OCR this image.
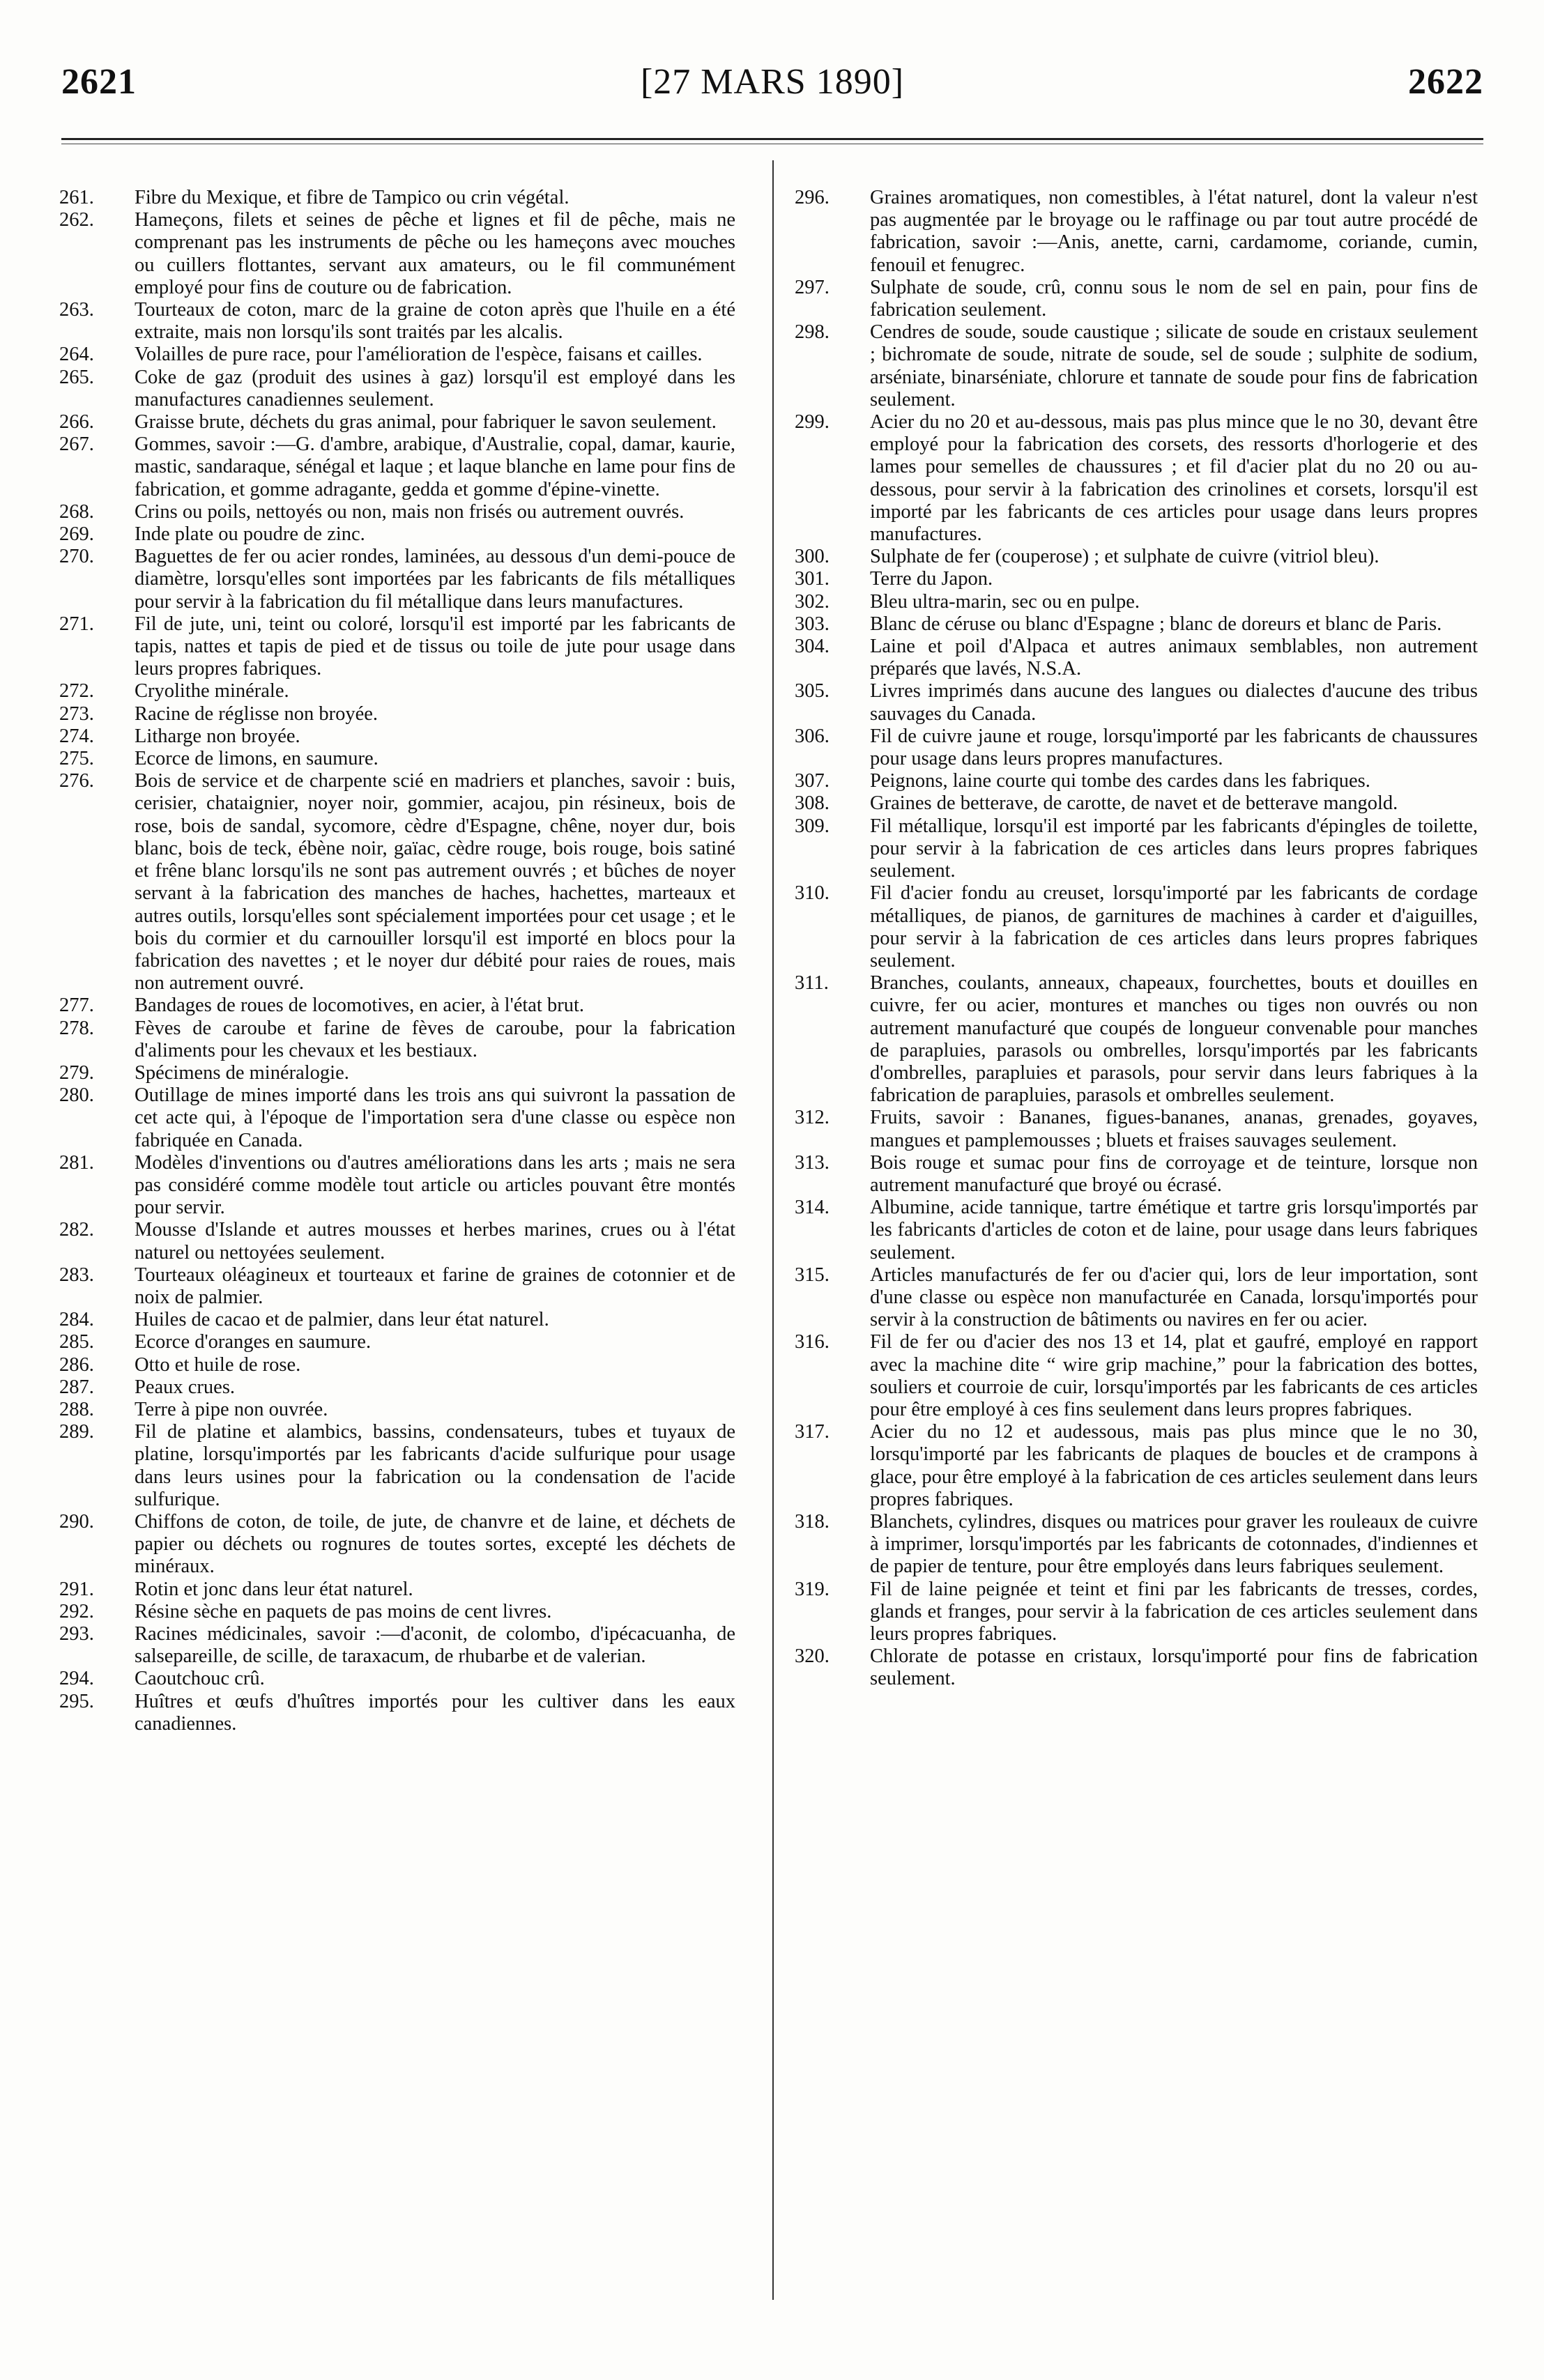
[27 MARS 1890]
2621	2622
261. Fibre du Mexique, et fibre de Tampico ou crin végétal.
262. Hameçons, filets et seines de pêche et lignes et fil de pêche, mais ne comprenant pas les instruments de pêche ou les hameçons avec mouches ou cuillers flottantes, servant aux amateurs, ou le fil communément employé pour fins de couture ou de fabrication.
263. Tourteaux de coton, marc de la graine de coton après que l'huile en a été extraite, mais non lorsqu'ils sont traités par les alcalis.
264. Volailles de pure race, pour l'amélioration de l'espèce, faisans et cailles.
265. Coke de gaz (produit des usines à gaz) lorsqu'il est employé dans les manufactures canadiennes seulement.
266. Graisse brute, déchets du gras animal, pour fabriquer le savon seulement.
267. Gommes, savoir :—G. d'ambre, arabique, d'Australie, copal, damar, kaurie, mastic, sandaraque, sénégal et laque ; et laque blanche en lame pour fins de fabrication, et gomme adragante, gedda et gomme d'épine-vinette.
268. Crins ou poils, nettoyés ou non, mais non frisés ou autrement ouvrés.
269. Inde plate ou poudre de zinc.
270. Baguettes de fer ou acier rondes, laminées, au dessous d'un demi-pouce de diamètre, lorsqu'elles sont importées par les fabricants de fils métalliques pour servir à la fabrication du fil métallique dans leurs manufactures.
271. Fil de jute, uni, teint ou coloré, lorsqu'il est importé par les fabricants de tapis, nattes et tapis de pied et de tissus ou toile de jute pour usage dans leurs propres fabriques.
272. Cryolithe minérale.
273. Racine de réglisse non broyée.
274. Litharge non broyée.
275. Ecorce de limons, en saumure.
276. Bois de service et de charpente scié en madriers et planches, savoir : buis, cerisier, chataignier, noyer noir, gommier, acajou, pin résineux, bois de rose, bois de sandal, sycomore, cèdre d'Espagne, chêne, noyer dur, bois blanc, bois de teck, ébène noir, gaïac, cèdre rouge, bois rouge, bois satiné et frêne blanc lorsqu'ils ne sont pas autrement ouvrés ; et bûches de noyer servant à la fabrication des manches de haches, hachettes, marteaux et autres outils, lorsqu'elles sont spécialement importées pour cet usage ; et le bois du cormier et du carnouiller lorsqu'il est importé en blocs pour la fabrication des navettes ; et le noyer dur débité pour raies de roues, mais non autrement ouvré.
277. Bandages de roues de locomotives, en acier, à l'état brut.
278. Fèves de caroube et farine de fèves de caroube, pour la fabrication d'aliments pour les chevaux et les bestiaux.
279. Spécimens de minéralogie.
280. Outillage de mines importé dans les trois ans qui suivront la passation de cet acte qui, à l'époque de l'importation sera d'une classe ou espèce non fabriquée en Canada.
281. Modèles d'inventions ou d'autres améliorations dans les arts ; mais ne sera pas considéré comme modèle tout article ou articles pouvant être montés pour servir.
282. Mousse d'Islande et autres mousses et herbes marines, crues ou à l'état naturel ou nettoyées seulement.
283. Tourteaux oléagineux et tourteaux et farine de graines de cotonnier et de noix de palmier.
284. Huiles de cacao et de palmier, dans leur état naturel.
285. Ecorce d'oranges en saumure.
286. Otto et huile de rose.
287. Peaux crues.
288. Terre à pipe non ouvrée.
289. Fil de platine et alambics, bassins, condensateurs, tubes et tuyaux de platine, lorsqu'importés par les fabricants d'acide sulfurique pour usage dans leurs usines pour la fabrication ou la condensation de l'acide sulfurique.
290. Chiffons de coton, de toile, de jute, de chanvre et de laine, et déchets de papier ou déchets ou rognures de toutes sortes, excepté les déchets de minéraux.
291. Rotin et jonc dans leur état naturel.
292. Résine sèche en paquets de pas moins de cent livres.
293. Racines médicinales, savoir :—d'aconit, de colombo, d'ipécacuanha, de salsepareille, de scille, de taraxacum, de rhubarbe et de valerian.
294. Caoutchouc crû.
295. Huîtres et œufs d'huîtres importés pour les cultiver dans les eaux canadiennes.
296. Graines aromatiques, non comestibles, à l'état naturel, dont la valeur n'est pas augmentée par le broyage ou le raffinage ou par tout autre procédé de fabrication, savoir :—Anis, anette, carni, cardamome, coriande, cumin, fenouil et fenugrec.
297. Sulphate de soude, crû, connu sous le nom de sel en pain, pour fins de fabrication seulement.
298. Cendres de soude, soude caustique ; silicate de soude en cristaux seulement ; bichromate de soude, nitrate de soude, sel de soude ; sulphite de sodium, arséniate, binarséniate, chlorure et tannate de soude pour fins de fabrication seulement.
299. Acier du no 20 et au-dessous, mais pas plus mince que le no 30, devant être employé pour la fabrication des corsets, des ressorts d'horlogerie et des lames pour semelles de chaussures ; et fil d'acier plat du no 20 ou au-dessous, pour servir à la fabrication des crinolines et corsets, lorsqu'il est importé par les fabricants de ces articles pour usage dans leurs propres manufactures.
300. Sulphate de fer (couperose) ; et sulphate de cuivre (vitriol bleu).
301. Terre du Japon.
302. Bleu ultra-marin, sec ou en pulpe.
303. Blanc de céruse ou blanc d'Espagne ; blanc de doreurs et blanc de Paris.
304. Laine et poil d'Alpaca et autres animaux semblables, non autrement préparés que lavés, N.S.A.
305. Livres imprimés dans aucune des langues ou dialectes d'aucune des tribus sauvages du Canada.
306. Fil de cuivre jaune et rouge, lorsqu'importé par les fabricants de chaussures pour usage dans leurs propres manufactures.
307. Peignons, laine courte qui tombe des cardes dans les fabriques.
308. Graines de betterave, de carotte, de navet et de betterave mangold.
309. Fil métallique, lorsqu'il est importé par les fabricants d'épingles de toilette, pour servir à la fabrication de ces articles dans leurs propres fabriques seulement.
310. Fil d'acier fondu au creuset, lorsqu'importé par les fabricants de cordage métalliques, de pianos, de garnitures de machines à carder et d'aiguilles, pour servir à la fabrication de ces articles dans leurs propres fabriques seulement.
311. Branches, coulants, anneaux, chapeaux, fourchettes, bouts et douilles en cuivre, fer ou acier, montures et manches ou tiges non ouvrés ou non autrement manufacturé que coupés de longueur convenable pour manches de parapluies, parasols ou ombrelles, lorsqu'importés par les fabricants d'ombrelles, parapluies et parasols, pour servir dans leurs fabriques à la fabrication de parapluies, parasols et ombrelles seulement.
312. Fruits, savoir : Bananes, figues-bananes, ananas, grenades, goyaves, mangues et pamplemousses ; bluets et fraises sauvages seulement.
313. Bois rouge et sumac pour fins de corroyage et de teinture, lorsque non autrement manufacturé que broyé ou écrasé.
314. Albumine, acide tannique, tartre émétique et tartre gris lorsqu'importés par les fabricants d'articles de coton et de laine, pour usage dans leurs fabriques seulement.
315. Articles manufacturés de fer ou d'acier qui, lors de leur importation, sont d'une classe ou espèce non manufacturée en Canada, lorsqu'importés pour servir à la construction de bâtiments ou navires en fer ou acier.
316. Fil de fer ou d'acier des nos 13 et 14, plat et gaufré, employé en rapport avec la machine dite “ wire grip machine,” pour la fabrication des bottes, souliers et courroie de cuir, lorsqu'importés par les fabricants de ces articles pour être employé à ces fins seulement dans leurs propres fabriques.
317. Acier du no 12 et audessous, mais pas plus mince que le no 30, lorsqu'importé par les fabricants de plaques de boucles et de crampons à glace, pour être employé à la fabrication de ces articles seulement dans leurs propres fabriques.
318. Blanchets, cylindres, disques ou matrices pour graver les rouleaux de cuivre à imprimer, lorsqu'importés par les fabricants de cotonnades, d'indiennes et de papier de tenture, pour être employés dans leurs fabriques seulement.
319. Fil de laine peignée et teint et fini par les fabricants de tresses, cordes, glands et franges, pour servir à la fabrication de ces articles seulement dans leurs propres fabriques.
320. Chlorate de potasse en cristaux, lorsqu'importé pour fins de fabrication seulement.
